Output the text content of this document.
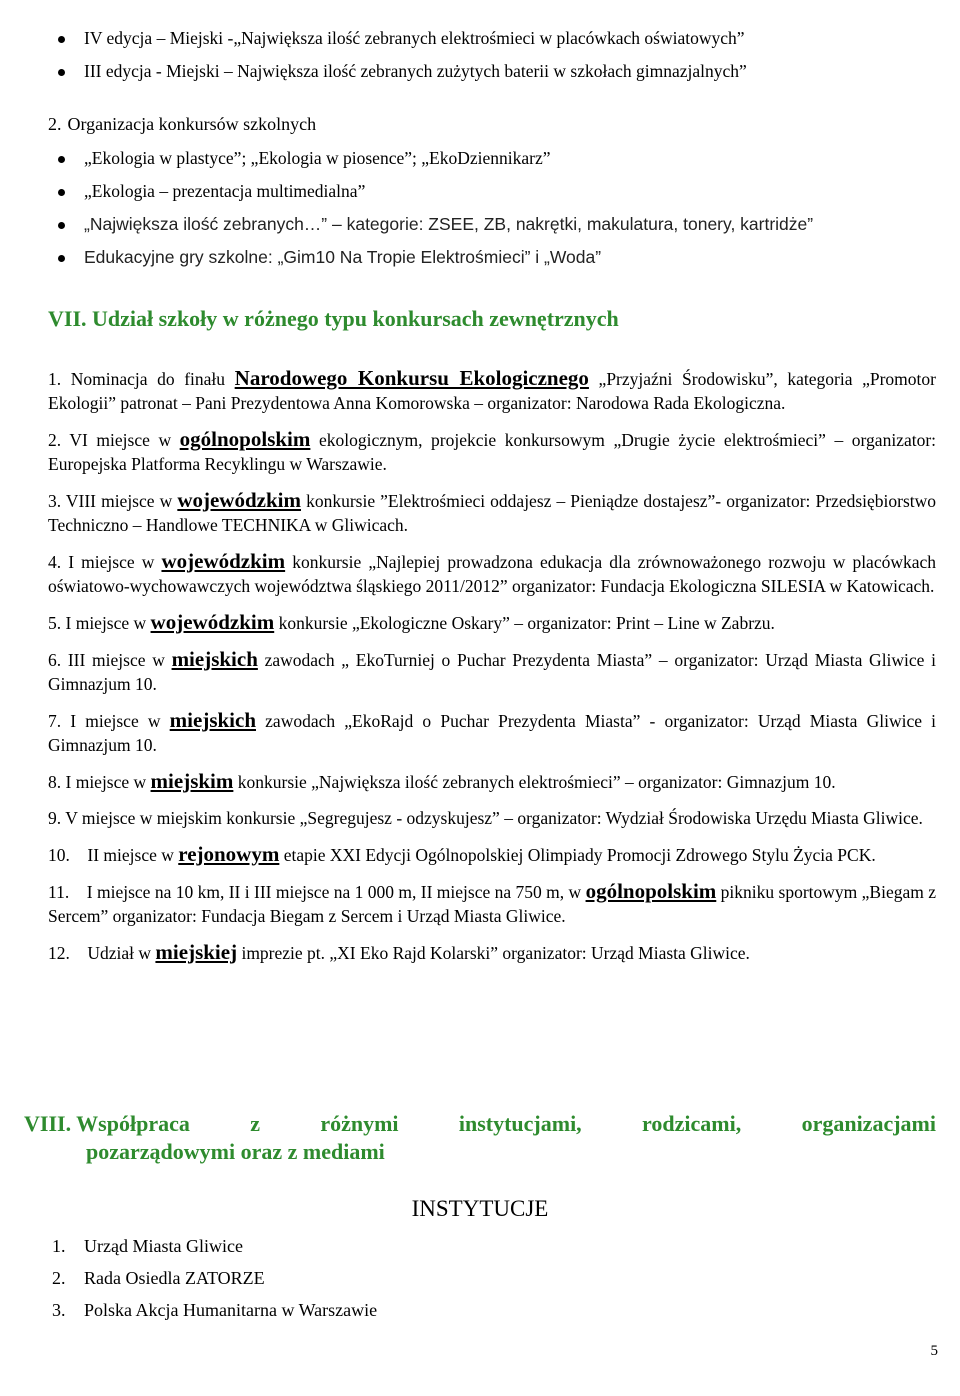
IV edycja – Miejski -„Największa ilość zebranych elektrośmieci w placówkach oświatowych”
III edycja - Miejski – Największa ilość zebranych zużytych baterii w szkołach gimnazjalnych”
2. Organizacja konkursów szkolnych
„Ekologia w plastyce”; „Ekologia w piosence”; „EkoDziennikarz”
„Ekologia – prezentacja multimedialna”
„Największa ilość zebranych…” – kategorie: ZSEE, ZB, nakrętki, makulatura, tonery, kartridże”
Edukacyjne gry szkolne: „Gim10 Na Tropie Elektrośmieci” i „Woda”
VII. Udział szkoły w różnego typu konkursach zewnętrznych

1. Nominacja do finału Narodowego Konkursu Ekologicznego „Przyjaźni Środowisku”, kategoria „Promotor Ekologii” patronat – Pani Prezydentowa Anna Komorowska – organizator: Narodowa Rada Ekologiczna.

2. VI miejsce w ogólnopolskim ekologicznym, projekcie konkursowym „Drugie życie elektrośmieci” – organizator: Europejska Platforma Recyklingu w Warszawie.

3. VIII miejsce w wojewódzkim konkursie ”Elektrośmieci oddajesz – Pieniądze dostajesz”- organizator: Przedsiębiorstwo Techniczno – Handlowe TECHNIKA w Gliwicach.

4. I miejsce w wojewódzkim konkursie „Najlepiej prowadzona edukacja dla zrównoważonego rozwoju w placówkach oświatowo-wychowawczych województwa śląskiego 2011/2012” organizator: Fundacja Ekologiczna SILESIA w Katowicach.

5. I miejsce w wojewódzkim konkursie „Ekologiczne Oskary” – organizator: Print – Line w Zabrzu.

6. III miejsce w miejskich zawodach „ EkoTurniej o Puchar Prezydenta Miasta” – organizator: Urząd Miasta Gliwice i Gimnazjum 10.

7. I miejsce w miejskich zawodach „EkoRajd o Puchar Prezydenta Miasta” - organizator: Urząd Miasta Gliwice i Gimnazjum 10.

8. I miejsce w miejskim konkursie „Największa ilość zebranych elektrośmieci” – organizator: Gimnazjum 10.

9. V miejsce w miejskim konkursie „Segregujesz - odzyskujesz” – organizator: Wydział Środowiska Urzędu Miasta Gliwice.

10. II miejsce w rejonowym etapie XXI Edycji Ogólnopolskiej Olimpiady Promocji Zdrowego Stylu Życia PCK.

11. I miejsce na 10 km, II i III miejsce na 1 000 m, II miejsce na 750 m, w ogólnopolskim pikniku sportowym „Biegam z Sercem” organizator: Fundacja Biegam z Sercem i Urząd Miasta Gliwice.

12. Udział w miejskiej imprezie pt. „XI Eko Rajd Kolarski” organizator: Urząd Miasta Gliwice.

VIII. Współpraca	z	różnymi	instytucjami,	rodzicami,	organizacjami
pozarządowymi oraz z mediami
INSTYTUCJE
1. Urząd Miasta Gliwice
2. Rada Osiedla ZATORZE
3. Polska Akcja Humanitarna w Warszawie
5
